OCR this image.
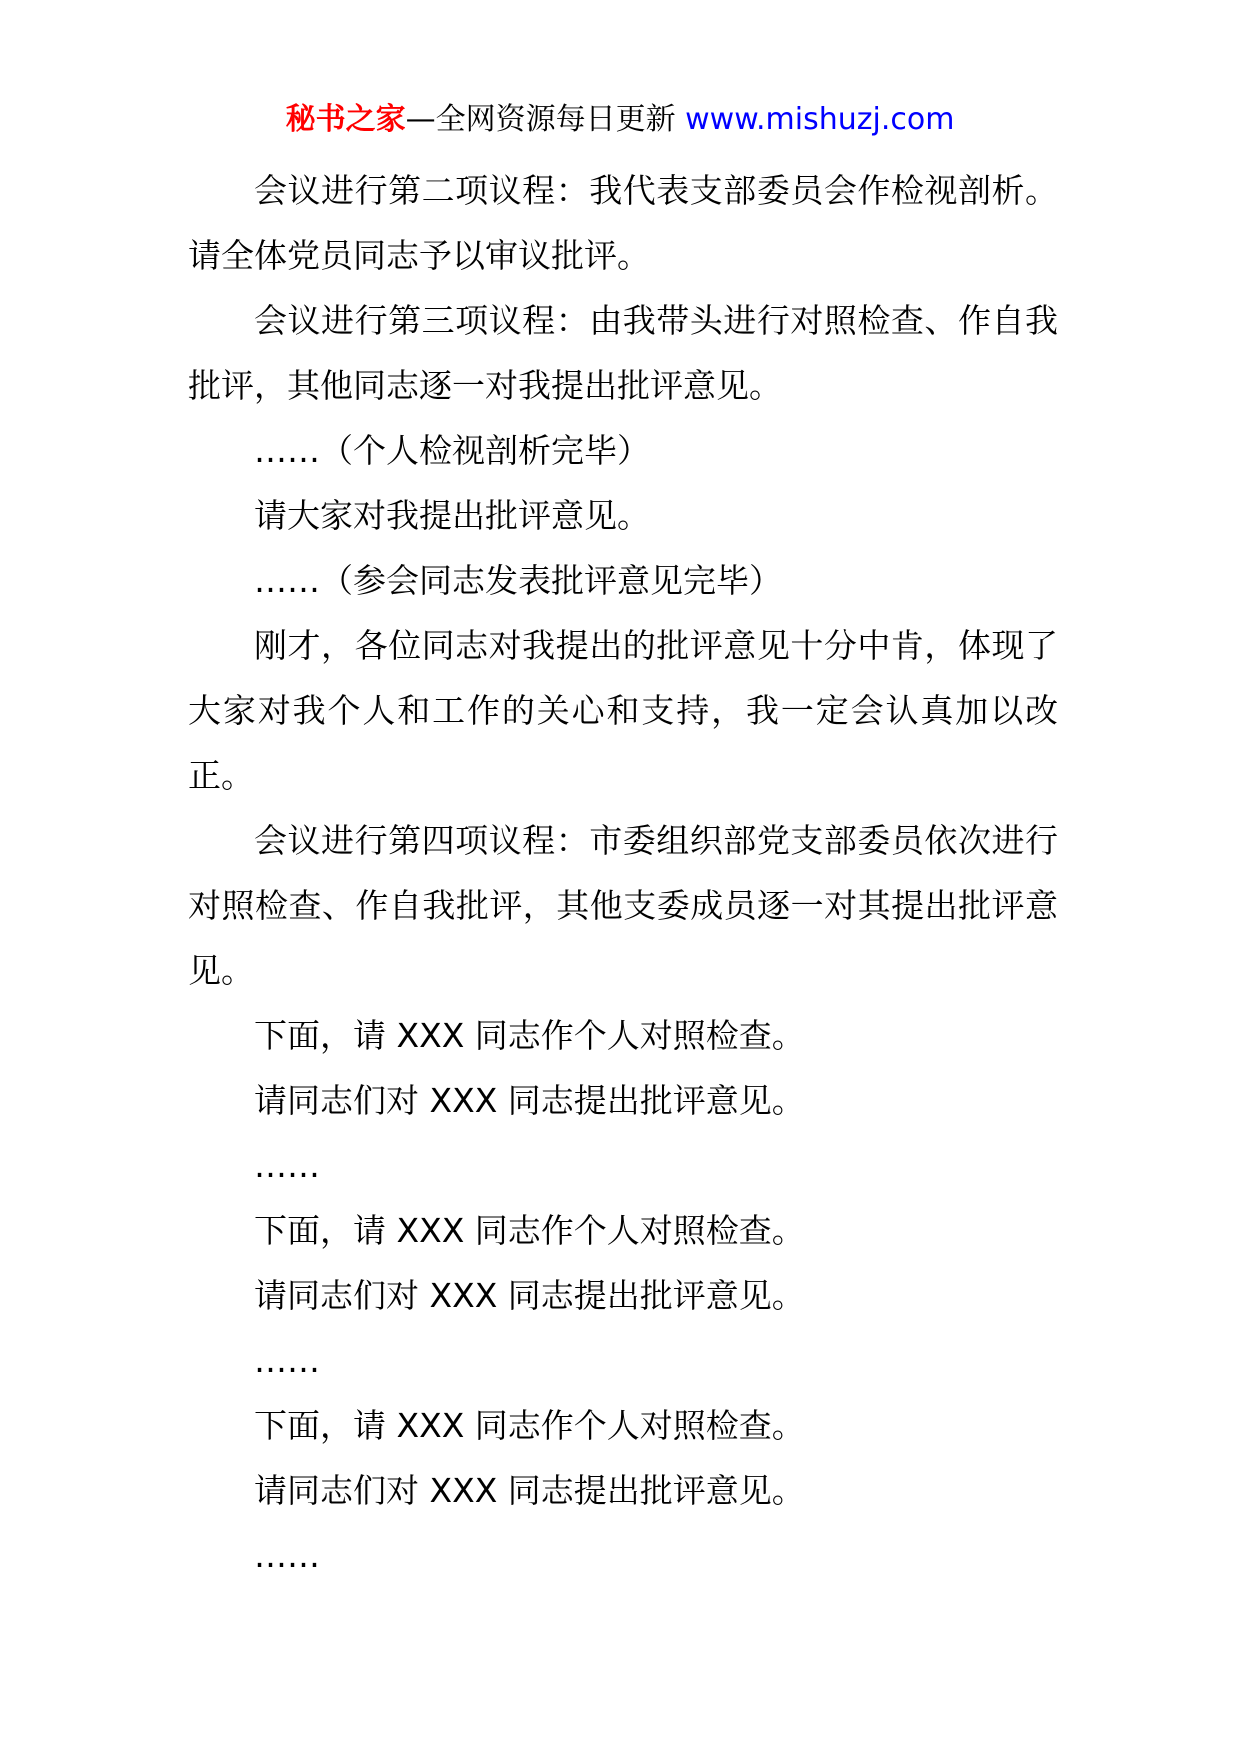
秘书之家—全网资源每日更新 www.mishuzj.com

会议进行第二项议程：我代表支部委员会作检视剖析。请全体党员同志予以审议批评。

会议进行第三项议程：由我带头进行对照检查、作自我批评，其他同志逐一对我提出批评意见。

……（个人检视剖析完毕）

请大家对我提出批评意见。

……（参会同志发表批评意见完毕）

刚才，各位同志对我提出的批评意见十分中肯，体现了大家对我个人和工作的关心和支持，我一定会认真加以改正。

会议进行第四项议程：市委组织部党支部委员依次进行对照检查、作自我批评，其他支委成员逐一对其提出批评意见。

下面，请 XXX 同志作个人对照检查。

请同志们对 XXX 同志提出批评意见。

……

下面，请 XXX 同志作个人对照检查。

请同志们对 XXX 同志提出批评意见。

……

下面，请 XXX 同志作个人对照检查。

请同志们对 XXX 同志提出批评意见。

……
